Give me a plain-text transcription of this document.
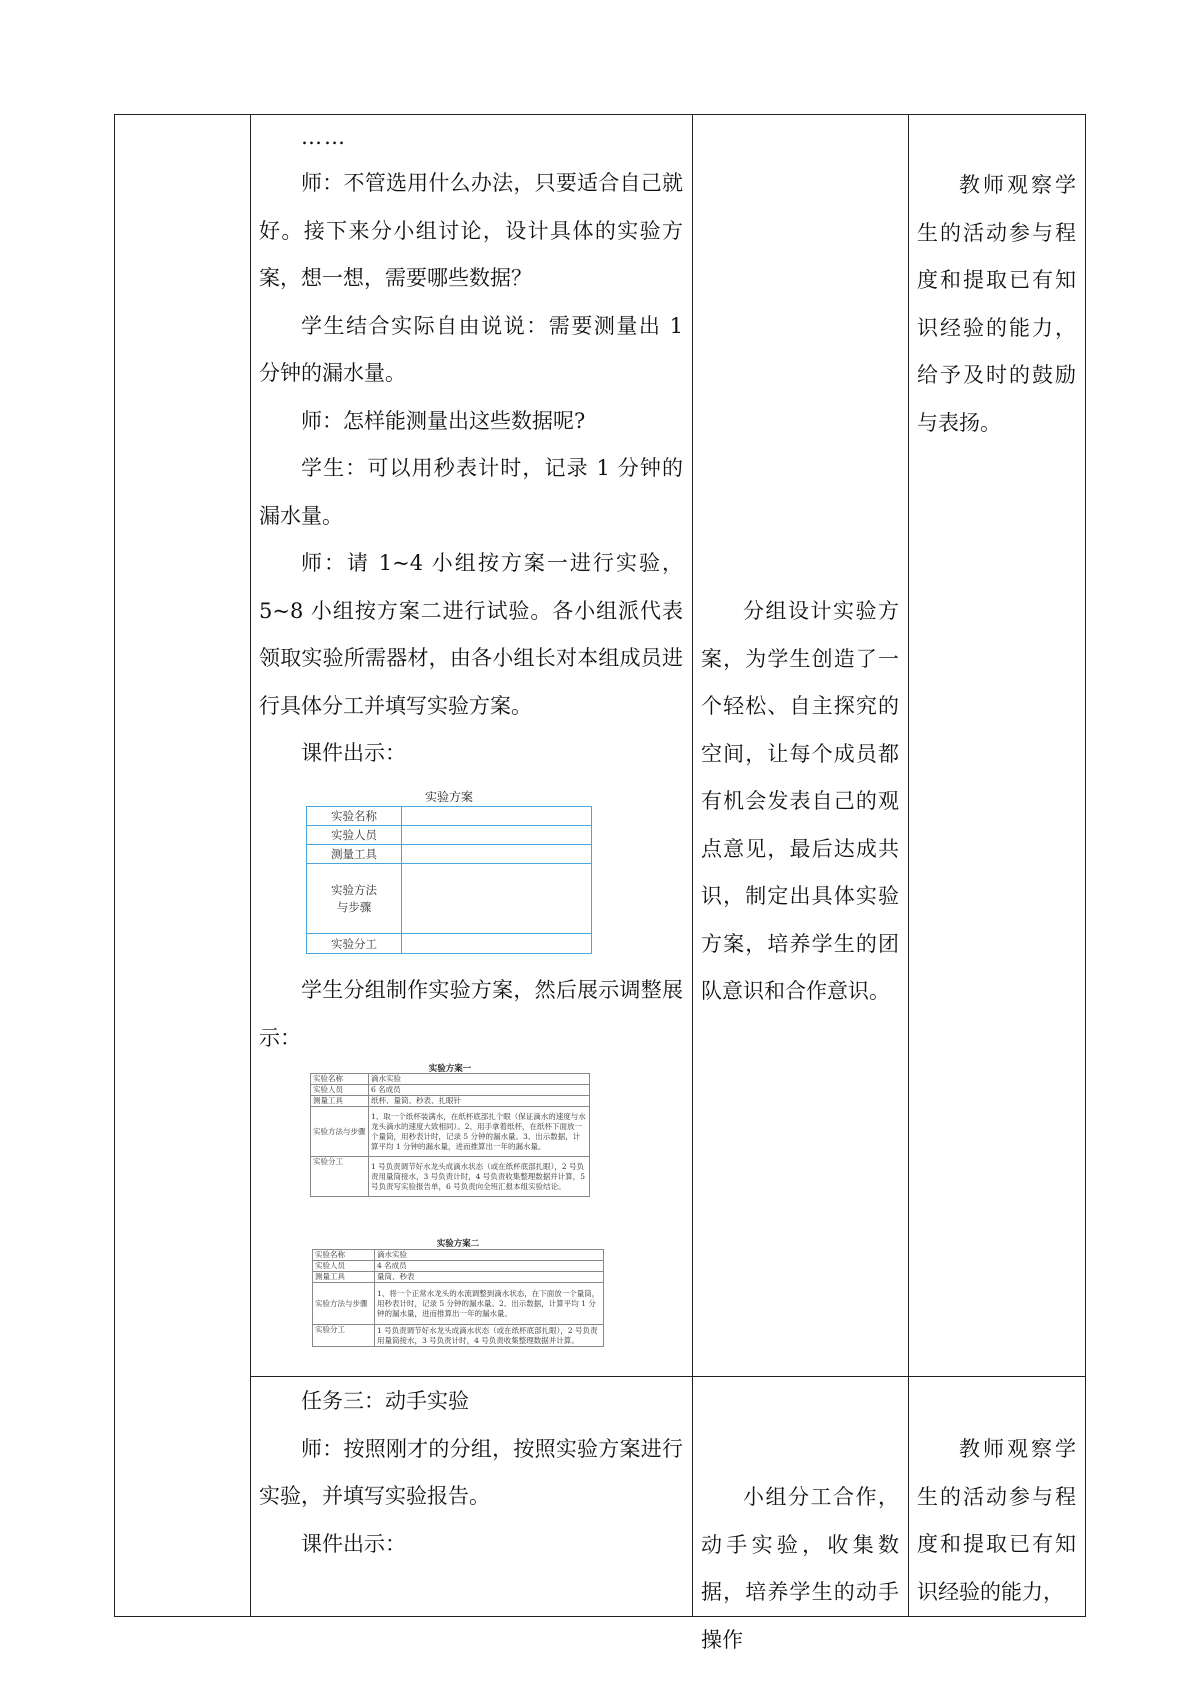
……

师：不管选用什么办法，只要适合自己就好。接下来分小组讨论，设计具体的实验方案，想一想，需要哪些数据？

学生结合实际自由说说：需要测量出 1 分钟的漏水量。

师：怎样能测量出这些数据呢?

学生：可以用秒表计时，记录 1 分钟的漏水量。

师：请 1~4 小组按方案一进行实验， 5~8 小组按方案二进行试验。各小组派代表领取实验所需器材，由各小组长对本组成员进行具体分工并填写实验方案。

课件出示：

实验方案
实验名称	
实验人员	
测量工具	
实验方法与步骤	
实验分工	

学生分组制作实验方案，然后展示调整展示：

实验方案一
实验名称	滴水实验
实验人员	6 名成员
测量工具	纸杯、量筒、秒表、扎眼针
实验方法与步骤	1、取一个纸杯装满水，在纸杯底部扎个眼（保证滴水的速度与水龙头滴水的速度大致相同）。2、用手拿着纸杯，在纸杯下面放一个量筒，用秒表计时，记录 5 分钟的漏水量。3、出示数据，计算平均 1 分钟的漏水量，进而推算出一年的漏水量。
实验分工	1 号负责调节好水龙头成滴水状态（或在纸杯底部扎眼），2 号负责用量筒接水，3 号负责计时，4 号负责收集整理数据并计算，5 号负责写实验报告单，6 号负责向全班汇报本组实验结论。
实验方案二
实验名称	滴水实验
实验人员	4 名成员
测量工具	量筒、秒表
实验方法与步骤	1、将一个正常水龙头的水流调整到滴水状态，在下面放一个量筒，用秒表计时，记录 5 分钟的漏水量。2、出示数据，计算平均 1 分钟的漏水量，进而推算出一年的漏水量。
实验分工	1 号负责调节好水龙头成滴水状态（或在纸杯底部扎眼），2 号负责用量筒接水，3 号负责计时，4 号负责收集整理数据并计算。

任务三：动手实验

师：按照刚才的分组，按照实验方案进行实验，并填写实验报告。

课件出示：

分组设计实验方案，为学生创造了一个轻松、自主探究的空间，让每个成员都有机会发表自己的观点意见，最后达成共识，制定出具体实验方案，培养学生的团队意识和合作意识。

小组分工合作，动手实验，收集数据，培养学生的动手操作

教师观察学生的活动参与程度和提取已有知识经验的能力，给予及时的鼓励与表扬。

教师观察学生的活动参与程度和提取已有知识经验的能力，
